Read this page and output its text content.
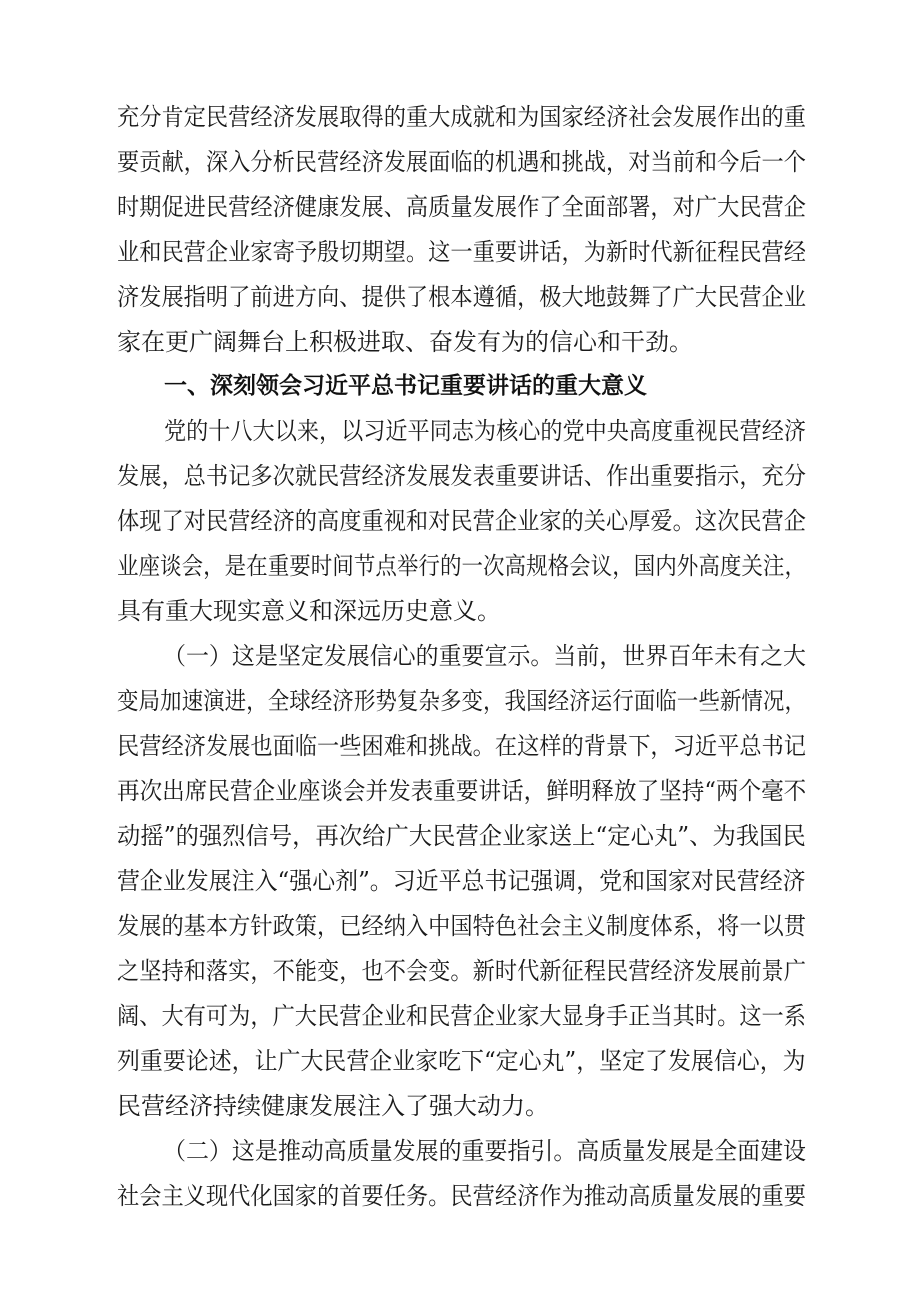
充分肯定民营经济发展取得的重大成就和为国家经济社会发展作出的重
要贡献，深入分析民营经济发展面临的机遇和挑战，对当前和今后一个
时期促进民营经济健康发展、高质量发展作了全面部署，对广大民营企
业和民营企业家寄予殷切期望。这一重要讲话，为新时代新征程民营经
济发展指明了前进方向、提供了根本遵循，极大地鼓舞了广大民营企业
家在更广阔舞台上积极进取、奋发有为的信心和干劲。
一、深刻领会习近平总书记重要讲话的重大意义
党的十八大以来，以习近平同志为核心的党中央高度重视民营经济
发展，总书记多次就民营经济发展发表重要讲话、作出重要指示，充分
体现了对民营经济的高度重视和对民营企业家的关心厚爱。这次民营企
业座谈会，是在重要时间节点举行的一次高规格会议，国内外高度关注，
具有重大现实意义和深远历史意义。
（一）这是坚定发展信心的重要宣示。当前，世界百年未有之大
变局加速演进，全球经济形势复杂多变，我国经济运行面临一些新情况，
民营经济发展也面临一些困难和挑战。在这样的背景下，习近平总书记
再次出席民营企业座谈会并发表重要讲话，鲜明释放了坚持“两个毫不
动摇”的强烈信号，再次给广大民营企业家送上“定心丸”、为我国民
营企业发展注入“强心剂”。习近平总书记强调，党和国家对民营经济
发展的基本方针政策，已经纳入中国特色社会主义制度体系，将一以贯
之坚持和落实，不能变，也不会变。新时代新征程民营经济发展前景广
阔、大有可为，广大民营企业和民营企业家大显身手正当其时。这一系
列重要论述，让广大民营企业家吃下“定心丸”，坚定了发展信心，为
民营经济持续健康发展注入了强大动力。
（二）这是推动高质量发展的重要指引。高质量发展是全面建设
社会主义现代化国家的首要任务。民营经济作为推动高质量发展的重要
